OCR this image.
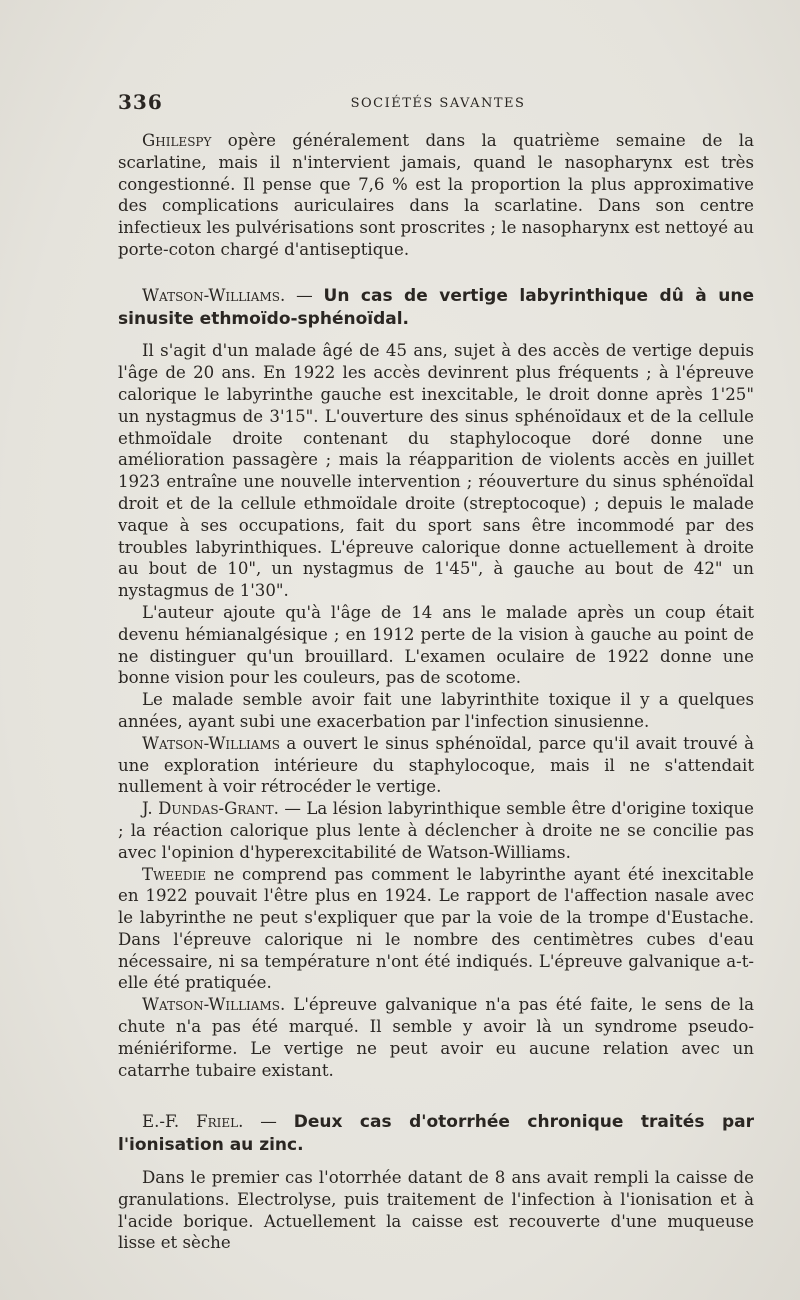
336	SOCIÉTÉS SAVANTES

Ghilespy opère généralement dans la quatrième semaine de la scarlatine, mais il n'intervient jamais, quand le nasopharynx est très congestionné. Il pense que 7,6 % est la proportion la plus approximative des complications auriculaires dans la scarlatine. Dans son centre infectieux les pulvérisations sont proscrites ; le nasopharynx est nettoyé au porte-coton chargé d'antiseptique.

Watson-Williams. — Un cas de vertige labyrinthique dû à une sinusite ethmoïdo-sphénoïdal.

Il s'agit d'un malade âgé de 45 ans, sujet à des accès de vertige depuis l'âge de 20 ans. En 1922 les accès devinrent plus fréquents ; à l'épreuve calorique le labyrinthe gauche est inexcitable, le droit donne après 1'25" un nystagmus de 3'15". L'ouverture des sinus sphénoïdaux et de la cellule ethmoïdale droite contenant du staphylocoque doré donne une amélioration passagère ; mais la réapparition de violents accès en juillet 1923 entraîne une nouvelle intervention ; réouverture du sinus sphénoïdal droit et de la cellule ethmoïdale droite (streptocoque) ; depuis le malade vaque à ses occupations, fait du sport sans être incommodé par des troubles labyrinthiques. L'épreuve calorique donne actuellement à droite au bout de 10", un nystagmus de 1'45", à gauche au bout de 42" un nystagmus de 1'30".

L'auteur ajoute qu'à l'âge de 14 ans le malade après un coup était devenu hémianalgésique ; en 1912 perte de la vision à gauche au point de ne distinguer qu'un brouillard. L'examen oculaire de 1922 donne une bonne vision pour les couleurs, pas de scotome.

Le malade semble avoir fait une labyrinthite toxique il y a quelques années, ayant subi une exacerbation par l'infection sinusienne.

Watson-Williams a ouvert le sinus sphénoïdal, parce qu'il avait trouvé à une exploration intérieure du staphylocoque, mais il ne s'attendait nullement à voir rétrocéder le vertige.

J. Dundas-Grant. — La lésion labyrinthique semble être d'origine toxique ; la réaction calorique plus lente à déclencher à droite ne se concilie pas avec l'opinion d'hyperexcitabilité de Watson-Williams.

Tweedie ne comprend pas comment le labyrinthe ayant été inexcitable en 1922 pouvait l'être plus en 1924. Le rapport de l'affection nasale avec le labyrinthe ne peut s'expliquer que par la voie de la trompe d'Eustache. Dans l'épreuve calorique ni le nombre des centimètres cubes d'eau nécessaire, ni sa température n'ont été indiqués. L'épreuve galvanique a-t-elle été pratiquée.

Watson-Williams. L'épreuve galvanique n'a pas été faite, le sens de la chute n'a pas été marqué. Il semble y avoir là un syndrome pseudo-méniériforme. Le vertige ne peut avoir eu aucune relation avec un catarrhe tubaire existant.

E.-F. Friel. — Deux cas d'otorrhée chronique traités par l'ionisation au zinc.

Dans le premier cas l'otorrhée datant de 8 ans avait rempli la caisse de granulations. Electrolyse, puis traitement de l'infection à l'ionisation et à l'acide borique. Actuellement la caisse est recouverte d'une muqueuse lisse et sèche
